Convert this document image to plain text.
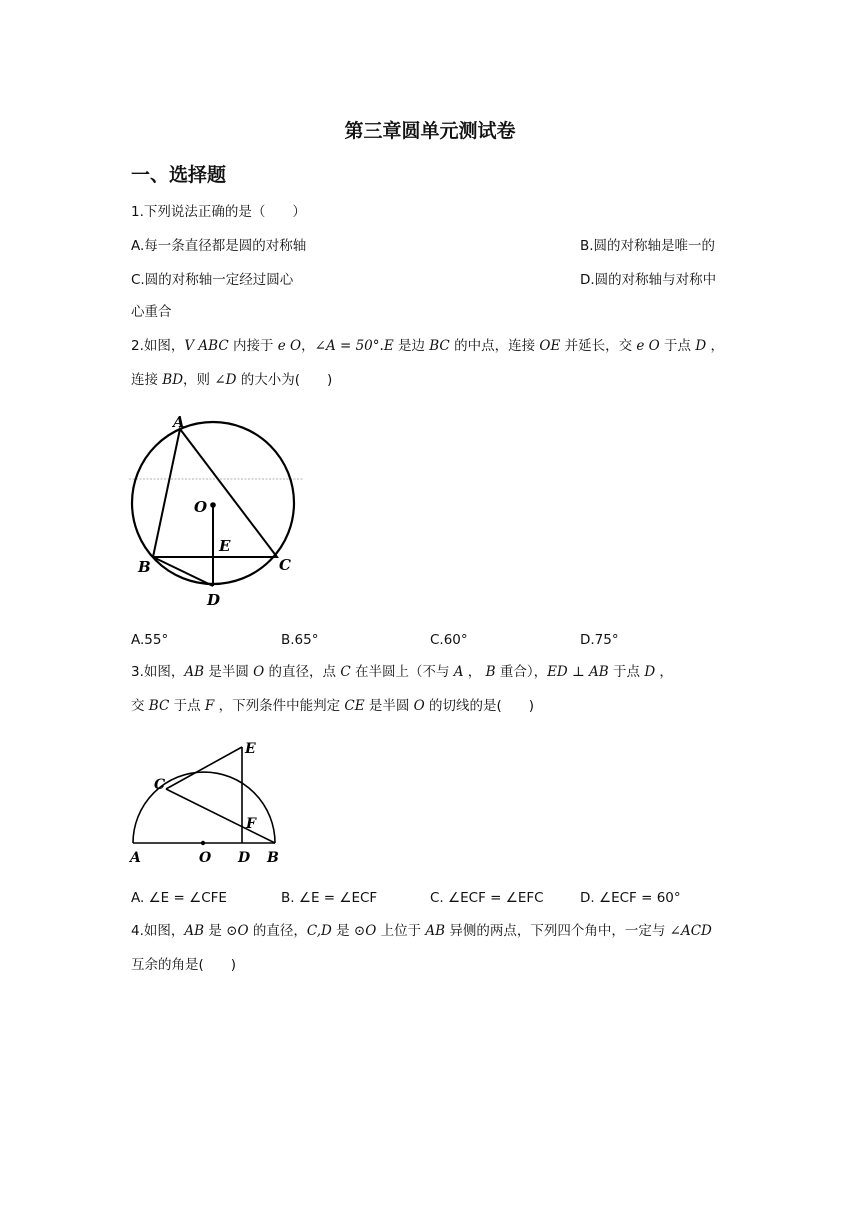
第三章圆单元测试卷
一、选择题
1.下列说法正确的是（　　）
A.每一条直径都是圆的对称轴	B.圆的对称轴是唯一的
C.圆的对称轴一定经过圆心	D.圆的对称轴与对称中
心重合
2.如图，V ABC 内接于 e O，∠A = 50°.E 是边 BC 的中点，连接 OE 并延长，交 e O 于点 D ，
连接 BD，则 ∠D 的大小为(　　)
A
O
E
B	C
D
A.55°	B.65°	C.60°	D.75°
3.如图，AB 是半圆 O 的直径，点 C 在半圆上（不与 A ， B 重合），ED ⊥ AB 于点 D ，
交 BC 于点 F ，下列条件中能判定 CE 是半圆 O 的切线的是(　　)
E
C
F
A	O D B
A. ∠E = ∠CFE	B. ∠E = ∠ECF	C. ∠ECF = ∠EFC	D. ∠ECF = 60°
4.如图，AB 是 ⊙O 的直径，C,D 是 ⊙O 上位于 AB 异侧的两点，下列四个角中，一定与 ∠ACD
互余的角是(　　)
